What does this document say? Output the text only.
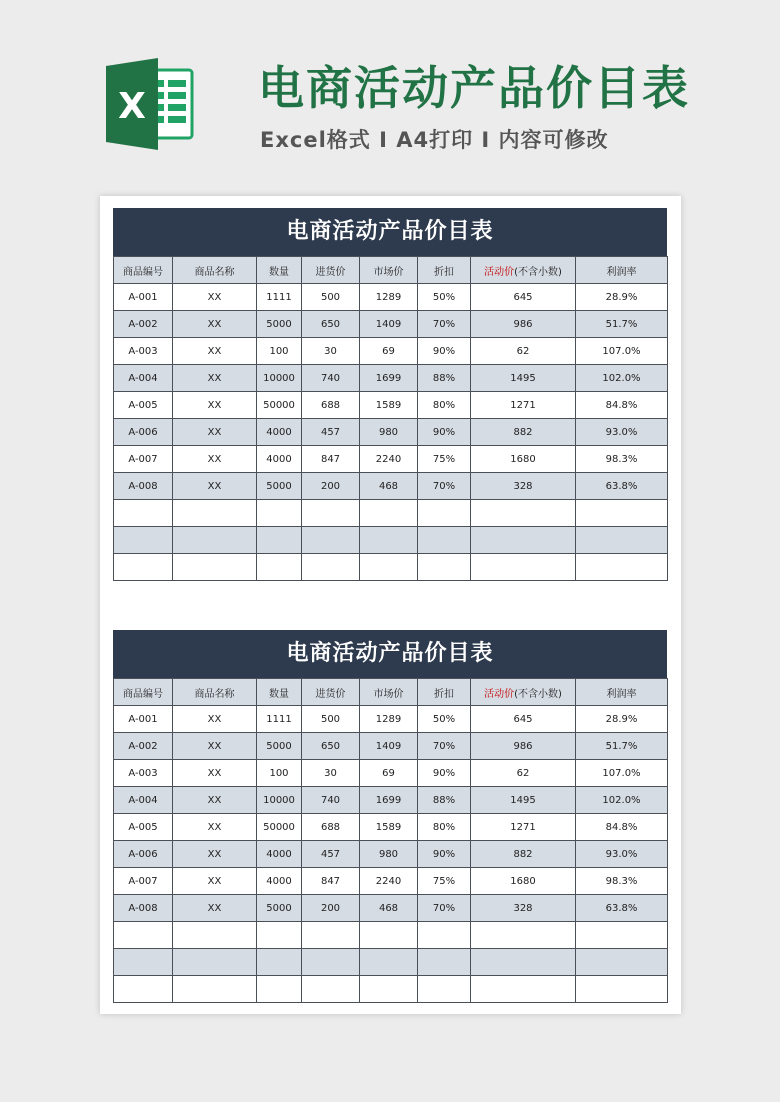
X 电商活动产品价目表
Excel格式 I A4打印 I 内容可修改
电商活动产品价目表
商品编号	商品名称	数量	进货价	市场价	折扣	活动价(不含小数)	利润率
A-001	XX	1111	500	1289	50%	645	28.9%
A-002	XX	5000	650	1409	70%	986	51.7%
A-003	XX	100	30	69	90%	62	107.0%
A-004	XX	10000	740	1699	88%	1495	102.0%
A-005	XX	50000	688	1589	80%	1271	84.8%
A-006	XX	4000	457	980	90%	882	93.0%
A-007	XX	4000	847	2240	75%	1680	98.3%
A-008	XX	5000	200	468	70%	328	63.8%

电商活动产品价目表
商品编号	商品名称	数量	进货价	市场价	折扣	活动价(不含小数)	利润率
A-001	XX	1111	500	1289	50%	645	28.9%
A-002	XX	5000	650	1409	70%	986	51.7%
A-003	XX	100	30	69	90%	62	107.0%
A-004	XX	10000	740	1699	88%	1495	102.0%
A-005	XX	50000	688	1589	80%	1271	84.8%
A-006	XX	4000	457	980	90%	882	93.0%
A-007	XX	4000	847	2240	75%	1680	98.3%
A-008	XX	5000	200	468	70%	328	63.8%
